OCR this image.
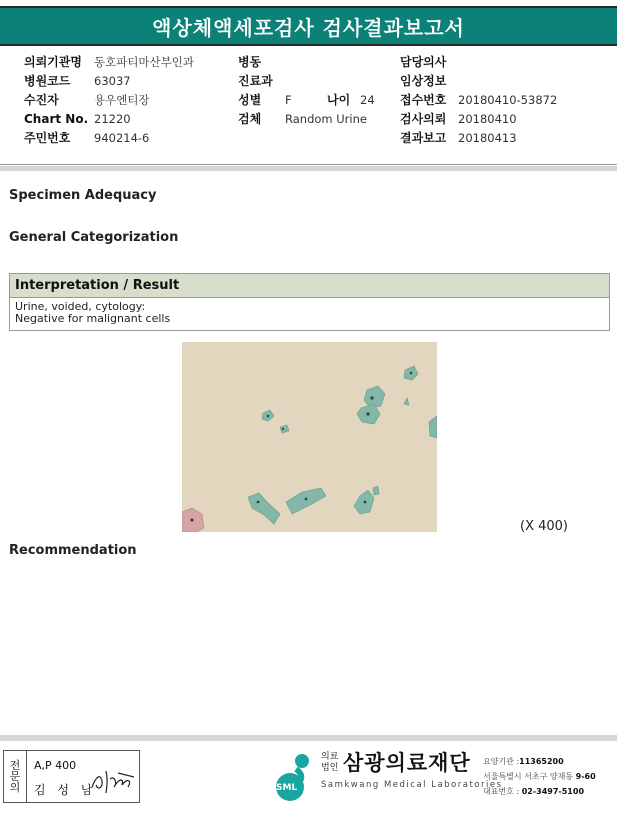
액상체액세포검사 검사결과보고서
의뢰기관명 동호파티마산부인과
병원코드 63037
수진자	용우엔티장
Chart No. 21220
주민번호 940214-6
병동
진료과
성별 F
검체 Random Urine
나이 24
담당의사
임상정보
접수번호 20180410-53872
검사의뢰 20180410
결과보고 20180413
Specimen Adequacy
General Categorization
Interpretation / Result
Urine, voided, cytology:
Negative for malignant cells
(X 400)
Recommendation
전
문
의
A,P 400
김 성 남	SML
의료
법인 삼광의료재단
Samkwang Medical Laboratories
요양기관 :11365200
서울특별시 서초구 양재동 9-60
대표번호 : 02-3497-5100
